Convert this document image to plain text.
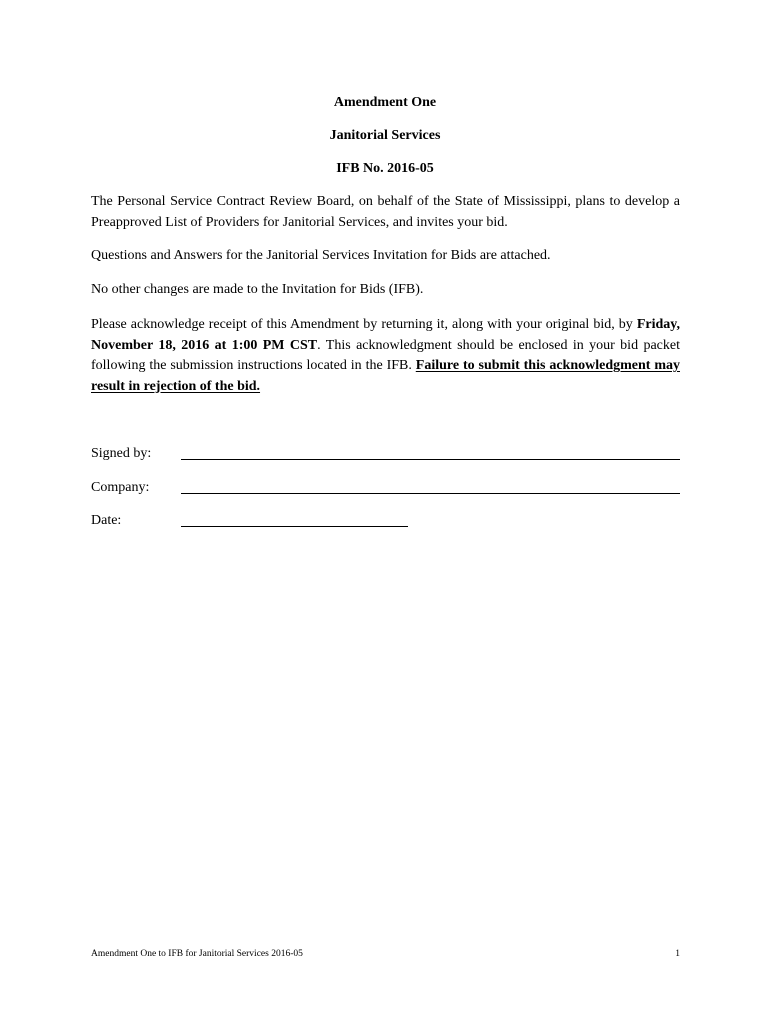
Amendment One
Janitorial Services
IFB No. 2016-05
The Personal Service Contract Review Board, on behalf of the State of Mississippi, plans to develop a Preapproved List of Providers for Janitorial Services, and invites your bid.
Questions and Answers for the Janitorial Services Invitation for Bids are attached.
No other changes are made to the Invitation for Bids (IFB).
Please acknowledge receipt of this Amendment by returning it, along with your original bid, by Friday, November 18, 2016 at 1:00 PM CST. This acknowledgment should be enclosed in your bid packet following the submission instructions located in the IFB. Failure to submit this acknowledgment may result in rejection of the bid.
Signed by:
Company:
Date:
Amendment One to IFB for Janitorial Services 2016-05	1
